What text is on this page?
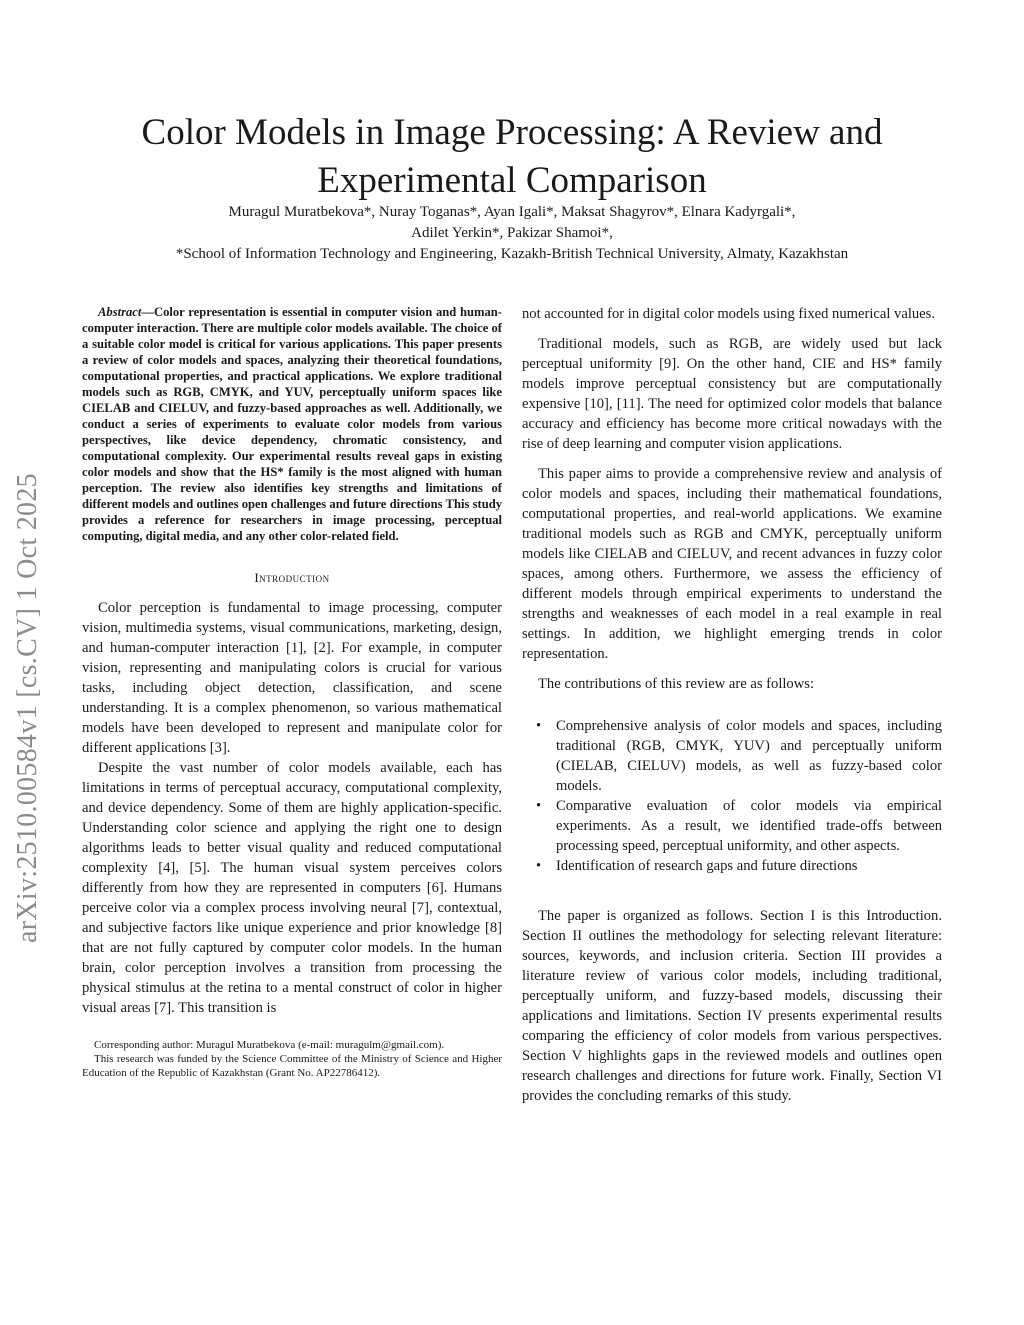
arXiv:2510.00584v1 [cs.CV] 1 Oct 2025
Color Models in Image Processing: A Review and Experimental Comparison
Muragul Muratbekova*, Nuray Toganas*, Ayan Igali*, Maksat Shagyrov*, Elnara Kadyrgali*,
Adilet Yerkin*, Pakizar Shamoi*,
*School of Information Technology and Engineering, Kazakh-British Technical University, Almaty, Kazakhstan

Abstract—Color representation is essential in computer vision and human-computer interaction. There are multiple color models available. The choice of a suitable color model is critical for various applications. This paper presents a review of color models and spaces, analyzing their theoretical foundations, computational properties, and practical applications. We explore traditional models such as RGB, CMYK, and YUV, perceptually uniform spaces like CIELAB and CIELUV, and fuzzy-based approaches as well. Additionally, we conduct a series of experiments to evaluate color models from various perspectives, like device dependency, chromatic consistency, and computational complexity. Our experimental results reveal gaps in existing color models and show that the HS* family is the most aligned with human perception. The review also identifies key strengths and limitations of different models and outlines open challenges and future directions This study provides a reference for researchers in image processing, perceptual computing, digital media, and any other color-related field.

Introduction

Color perception is fundamental to image processing, computer vision, multimedia systems, visual communications, marketing, design, and human-computer interaction [1], [2]. For example, in computer vision, representing and manipulating colors is crucial for various tasks, including object detection, classification, and scene understanding. It is a complex phenomenon, so various mathematical models have been developed to represent and manipulate color for different applications [3].

Despite the vast number of color models available, each has limitations in terms of perceptual accuracy, computational complexity, and device dependency. Some of them are highly application-specific. Understanding color science and applying the right one to design algorithms leads to better visual quality and reduced computational complexity [4], [5]. The human visual system perceives colors differently from how they are represented in computers [6]. Humans perceive color via a complex process involving neural [7], contextual, and subjective factors like unique experience and prior knowledge [8] that are not fully captured by computer color models. In the human brain, color perception involves a transition from processing the physical stimulus at the retina to a mental construct of color in higher visual areas [7]. This transition is

Corresponding author: Muragul Muratbekova (e-mail: muragulm@gmail.com).

This research was funded by the Science Committee of the Ministry of Science and Higher Education of the Republic of Kazakhstan (Grant No. AP22786412).

not accounted for in digital color models using fixed numerical values.

Traditional models, such as RGB, are widely used but lack perceptual uniformity [9]. On the other hand, CIE and HS* family models improve perceptual consistency but are computationally expensive [10], [11]. The need for optimized color models that balance accuracy and efficiency has become more critical nowadays with the rise of deep learning and computer vision applications.

This paper aims to provide a comprehensive review and analysis of color models and spaces, including their mathematical foundations, computational properties, and real-world applications. We examine traditional models such as RGB and CMYK, perceptually uniform models like CIELAB and CIELUV, and recent advances in fuzzy color spaces, among others. Furthermore, we assess the efficiency of different models through empirical experiments to understand the strengths and weaknesses of each model in a real example in real settings. In addition, we highlight emerging trends in color representation.

The contributions of this review are as follows:

• Comprehensive analysis of color models and spaces, including traditional (RGB, CMYK, YUV) and perceptually uniform (CIELAB, CIELUV) models, as well as fuzzy-based color models.
• Comparative evaluation of color models via empirical experiments. As a result, we identified trade-offs between processing speed, perceptual uniformity, and other aspects.
• Identification of research gaps and future directions

The paper is organized as follows. Section I is this Introduction. Section II outlines the methodology for selecting relevant literature: sources, keywords, and inclusion criteria. Section III provides a literature review of various color models, including traditional, perceptually uniform, and fuzzy-based models, discussing their applications and limitations. Section IV presents experimental results comparing the efficiency of color models from various perspectives. Section V highlights gaps in the reviewed models and outlines open research challenges and directions for future work. Finally, Section VI provides the concluding remarks of this study.
